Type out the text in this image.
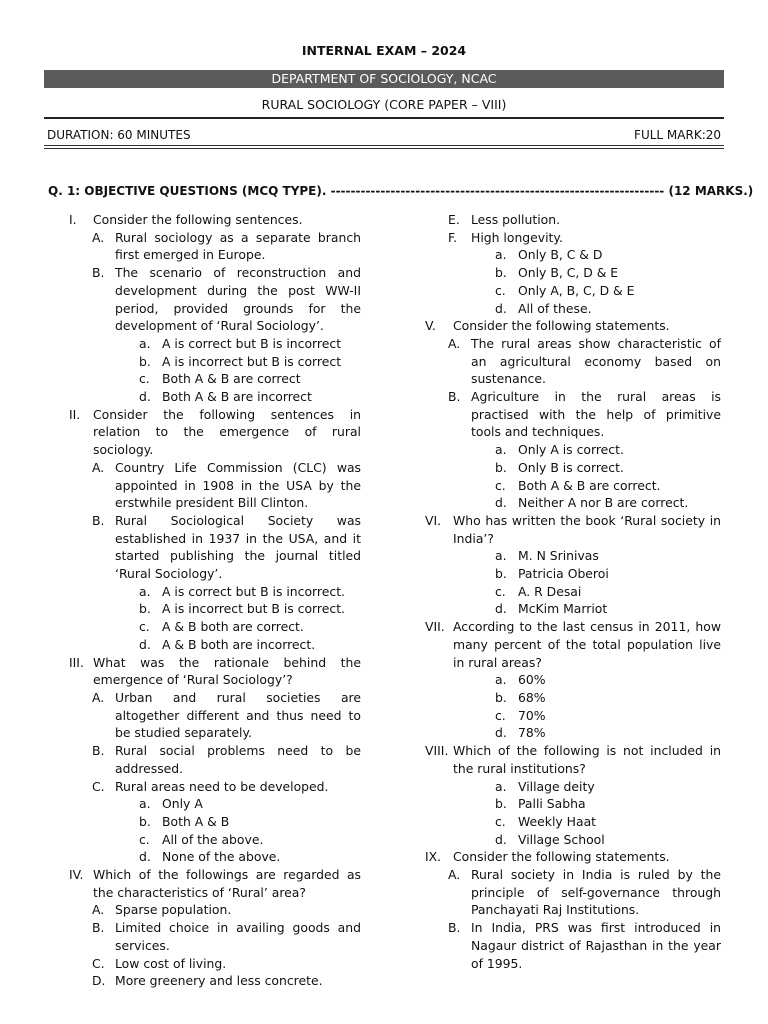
INTERNAL EXAM – 2024
DEPARTMENT OF SOCIOLOGY, NCAC
RURAL SOCIOLOGY (CORE PAPER – VIII)
DURATION: 60 MINUTES	FULL MARK:20
Q. 1: OBJECTIVE QUESTIONS (MCQ TYPE). ------------------------------------------------------------------- (12 MARKS.)
I.	Consider the following sentences.
A. Rural sociology as a separate branch first emerged in Europe.
B. The scenario of reconstruction and development during the post WW-II period, provided grounds for the development of ‘Rural Sociology’.
a. A is correct but B is incorrect
b. A is incorrect but B is correct
c. Both A & B are correct
d. Both A & B are incorrect
II.	Consider the following sentences in relation to the emergence of rural sociology.
A. Country Life Commission (CLC) was appointed in 1908 in the USA by the erstwhile president Bill Clinton.
B. Rural Sociological Society was established in 1937 in the USA, and it started publishing the journal titled ‘Rural Sociology’.
a. A is correct but B is incorrect.
b. A is incorrect but B is correct.
c. A & B both are correct.
d. A & B both are incorrect.
III. What was the rationale behind the emergence of ‘Rural Sociology’?
A. Urban and rural societies are altogether different and thus need to be studied separately.
B. Rural social problems need to be addressed.
C. Rural areas need to be developed.
a. Only A
b. Both A & B
c. All of the above.
d. None of the above.
IV. Which of the followings are regarded as the characteristics of ‘Rural’ area?
A. Sparse population.
B. Limited choice in availing goods and services.
C. Low cost of living.
D. More greenery and less concrete.
E. Less pollution.
F.	High longevity.
a. Only B, C & D
b. Only B, C, D & E
c. Only A, B, C, D & E
d. All of these.
V.	Consider the following statements.
A. The rural areas show characteristic of an agricultural economy based on sustenance.
B. Agriculture in the rural areas is practised with the help of primitive tools and techniques.
a. Only A is correct.
b. Only B is correct.
c. Both A & B are correct.
d. Neither A nor B are correct.
VI. Who has written the book ‘Rural society in India’?
a. M. N Srinivas
b. Patricia Oberoi
c. A. R Desai
d. McKim Marriot
VII. According to the last census in 2011, how many percent of the total population live in rural areas?
a. 60%
b. 68%
c. 70%
d. 78%
VIII. Which of the following is not included in the rural institutions?
a. Village deity
b. Palli Sabha
c. Weekly Haat
d. Village School
IX. Consider the following statements.
A. Rural society in India is ruled by the principle of self-governance through Panchayati Raj Institutions.
B. In India, PRS was first introduced in Nagaur district of Rajasthan in the year of 1995.
